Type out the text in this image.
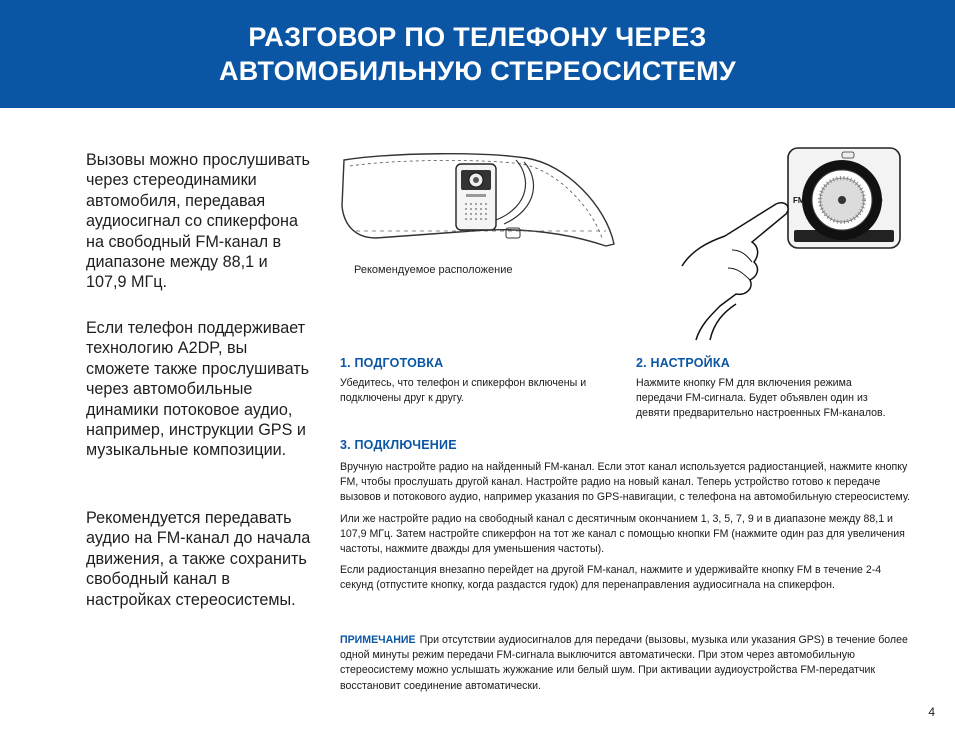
РАЗГОВОР ПО ТЕЛЕФОНУ ЧЕРЕЗ
АВТОМОБИЛЬНУЮ СТЕРЕОСИСТЕМУ

Вызовы можно прослушивать через стереодинамики автомобиля, передавая аудиосигнал со спикерфона на свободный FM-канал в диапазоне между 88,1 и 107,9 МГц.

Если телефон поддерживает технологию A2DP, вы сможете также прослушивать через автомобильные динамики потоковое аудио, например, инструкции GPS и музыкальные композиции.

Рекомендуется передавать аудио на FM-канал до начала движения, а также сохранить свободный канал в настройках стереосистемы.

Рекомендуемое расположение
FM	✆
1. ПОДГОТОВКА

Убедитесь, что телефон и спикерфон включены и подключены друг к другу.

2. НАСТРОЙКА

Нажмите кнопку FM для включения режима передачи FM-сигнала. Будет объявлен один из девяти предварительно настроенных FM-каналов.

3. ПОДКЛЮЧЕНИЕ

Вручную настройте радио на найденный FM-канал. Если этот канал используется радиостанцией, нажмите кнопку FM, чтобы прослушать другой канал. Настройте радио на новый канал. Теперь устройство готово к передаче вызовов и потокового аудио, например указания по GPS-навигации, с телефона на автомобильную стереосистему.

Или же настройте радио на свободный канал с десятичным окончанием 1, 3, 5, 7, 9 и в диапазоне между 88,1 и 107,9 МГц. Затем настройте спикерфон на тот же канал с помощью кнопки FM (нажмите один раз для увеличения частоты, нажмите дважды для уменьшения частоты).

Если радиостанция внезапно перейдет на другой FM-канал, нажмите и удерживайте кнопку FM в течение 2-4 секунд (отпустите кнопку, когда раздастся гудок) для перенаправления аудиосигнала на спикерфон.

ПРИМЕЧАНИЕ При отсутствии аудиосигналов для передачи (вызовы, музыка или указания GPS) в течение более одной минуты режим передачи FM-сигнала выключится автоматически. При этом через автомобильную стереосистему можно услышать жужжание или белый шум. При активации аудиоустройства FM-передатчик восстановит соединение автоматически.
4
